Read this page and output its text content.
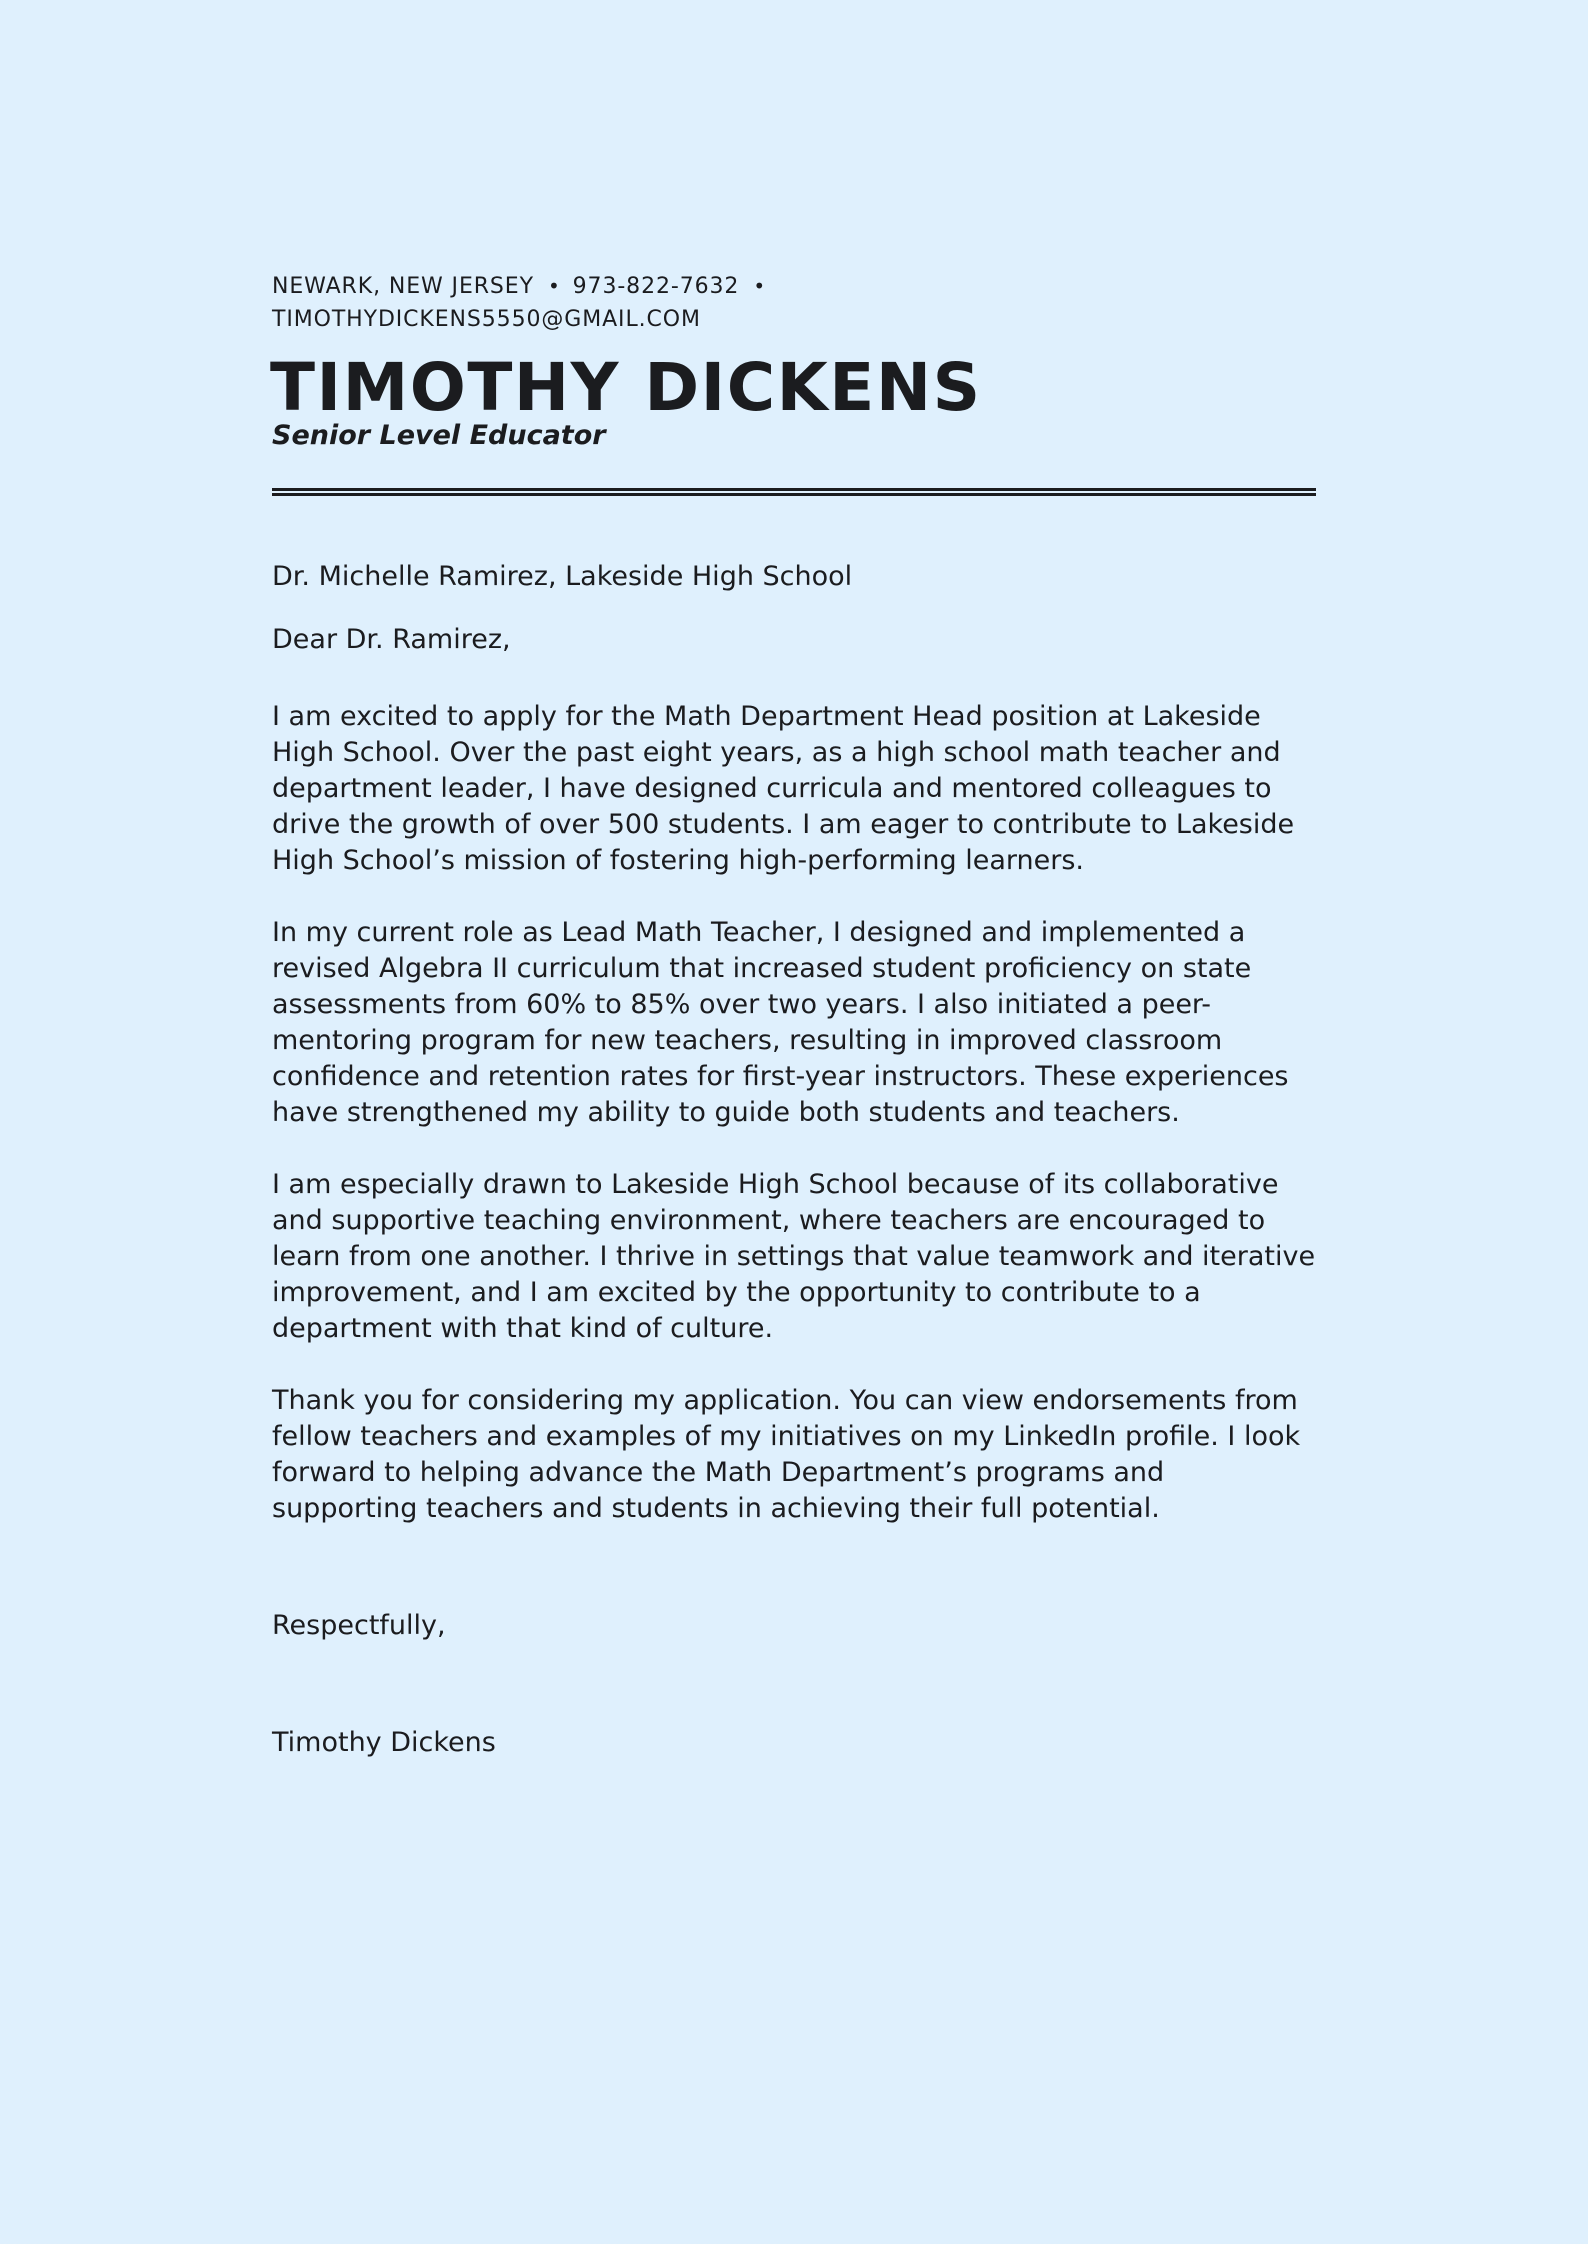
NEWARK, NEW JERSEY • 973-822-7632 •
TIMOTHYDICKENS5550@GMAIL.COM
TIMOTHY DICKENS
Senior Level Educator

Dr. Michelle Ramirez, Lakeside High School

Dear Dr. Ramirez,

I am excited to apply for the Math Department Head position at Lakeside High School. Over the past eight years, as a high school math teacher and department leader, I have designed curricula and mentored colleagues to drive the growth of over 500 students. I am eager to contribute to Lakeside High School’s mission of fostering high-performing learners.

In my current role as Lead Math Teacher, I designed and implemented a revised Algebra II curriculum that increased student proficiency on state assessments from 60% to 85% over two years. I also initiated a peer-mentoring program for new teachers, resulting in improved classroom confidence and retention rates for first-year instructors. These experiences have strengthened my ability to guide both students and teachers.

I am especially drawn to Lakeside High School because of its collaborative and supportive teaching environment, where teachers are encouraged to learn from one another. I thrive in settings that value teamwork and iterative improvement, and I am excited by the opportunity to contribute to a department with that kind of culture.

Thank you for considering my application. You can view endorsements from fellow teachers and examples of my initiatives on my LinkedIn profile. I look forward to helping advance the Math Department’s programs and supporting teachers and students in achieving their full potential.

Respectfully,

Timothy Dickens
